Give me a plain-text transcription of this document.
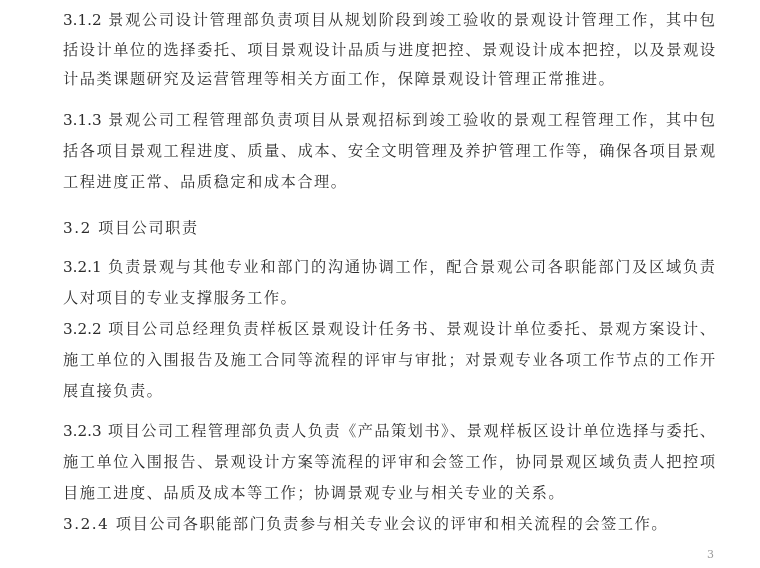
3.1.2 景观公司设计管理部负责项目从规划阶段到竣工验收的景观设计管理工作，其中包
括设计单位的选择委托、项目景观设计品质与进度把控、景观设计成本把控，以及景观设
计品类课题研究及运营管理等相关方面工作，保障景观设计管理正常推进。
3.1.3 景观公司工程管理部负责项目从景观招标到竣工验收的景观工程管理工作，其中包
括各项目景观工程进度、质量、成本、安全文明管理及养护管理工作等，确保各项目景观
工程进度正常、品质稳定和成本合理。
3.2 项目公司职责
3.2.1 负责景观与其他专业和部门的沟通协调工作，配合景观公司各职能部门及区域负责
人对项目的专业支撑服务工作。
3.2.2 项目公司总经理负责样板区景观设计任务书、景观设计单位委托、景观方案设计、
施工单位的入围报告及施工合同等流程的评审与审批；对景观专业各项工作节点的工作开
展直接负责。
3.2.3 项目公司工程管理部负责人负责《产品策划书》、景观样板区设计单位选择与委托、
施工单位入围报告、景观设计方案等流程的评审和会签工作，协同景观区域负责人把控项
目施工进度、品质及成本等工作；协调景观专业与相关专业的关系。
3.2.4 项目公司各职能部门负责参与相关专业会议的评审和相关流程的会签工作。
3
